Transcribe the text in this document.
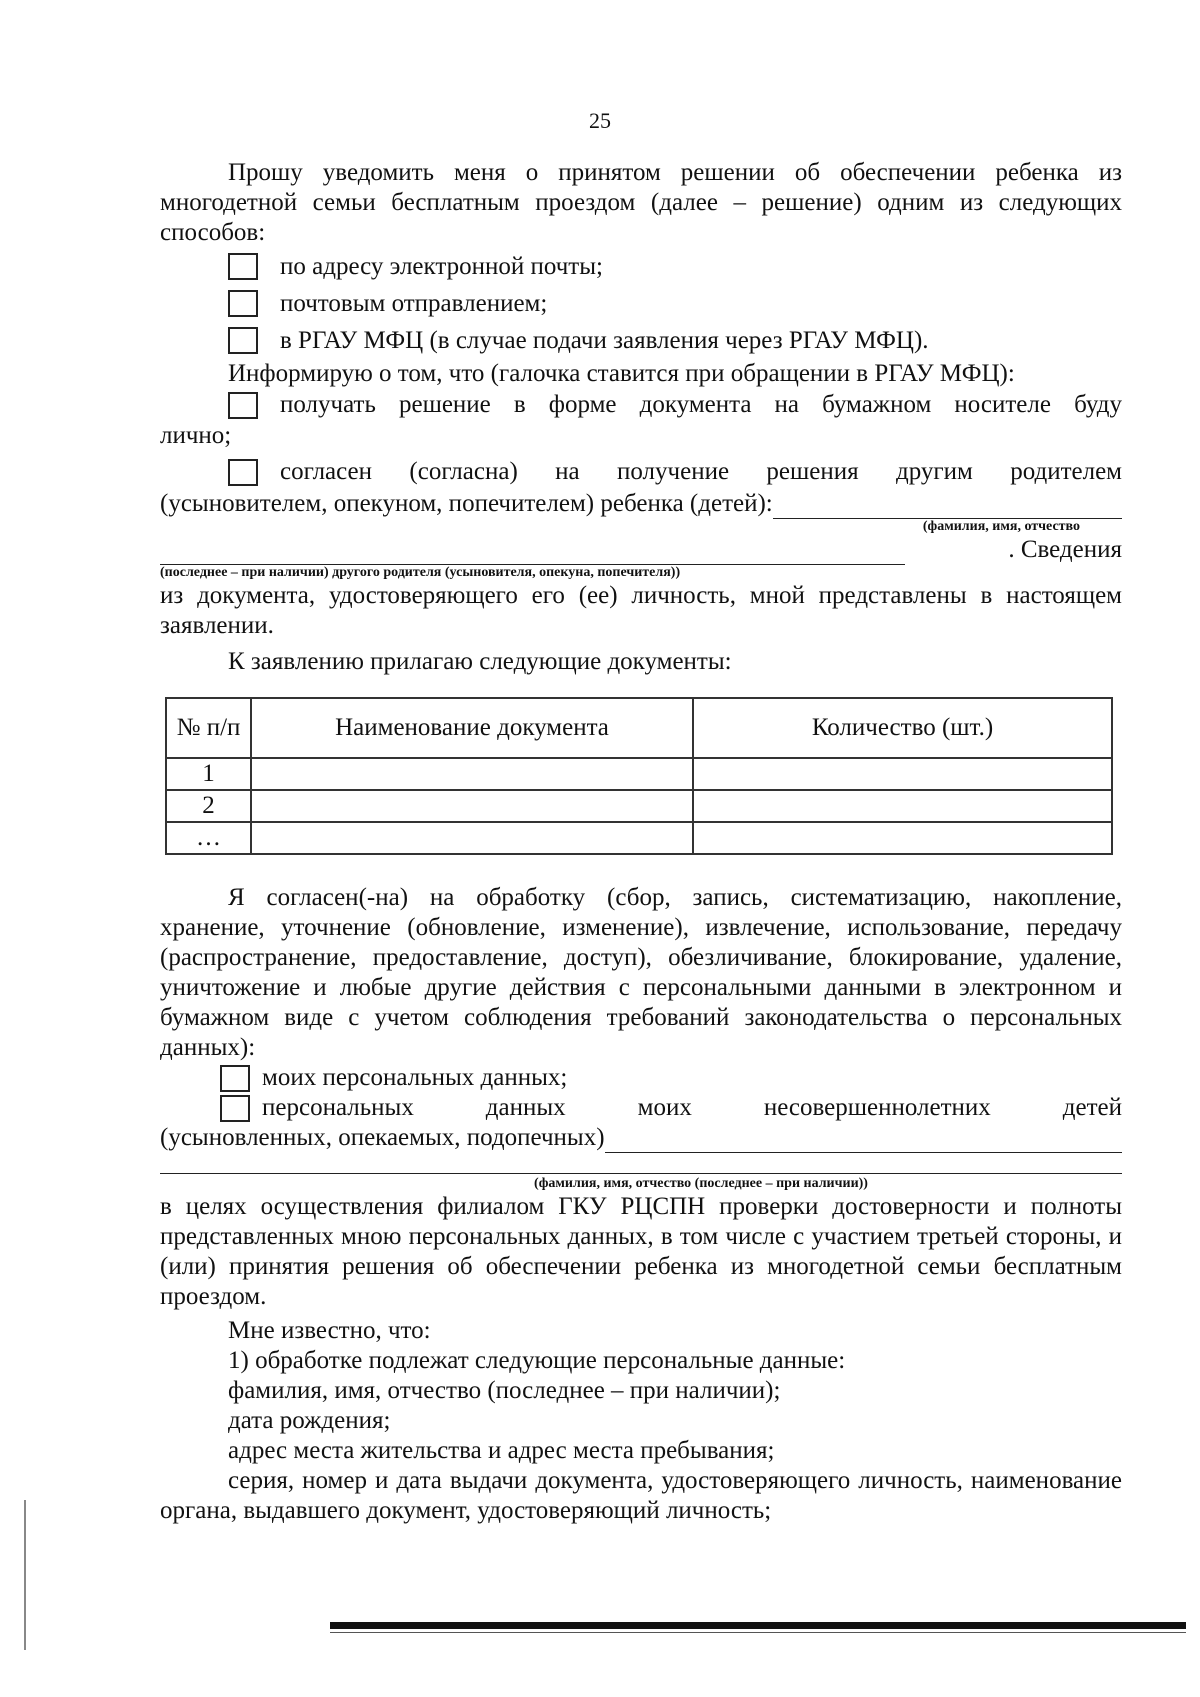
25

Прошу уведомить меня о принятом решении об обеспечении ребенка из многодетной семьи бесплатным проездом (далее – решение) одним из следующих способов:

по адресу электронной почты;
почтовым отправлением;
в РГАУ МФЦ (в случае подачи заявления через РГАУ МФЦ).

Информирую о том, что (галочка ставится при обращении в РГАУ МФЦ):

получать решение в форме документа на бумажном носителе буду

лично;

согласен (согласна) на получение решения другим родителем
(усыновителем, опекуном, попечителем) ребенка (детей):
(фамилия, имя, отчество
. Сведения
(последнее – при наличии) другого родителя (усыновителя, опекуна, попечителя))

из документа, удостоверяющего его (ее) личность, мной представлены в настоящем заявлении.

К заявлению прилагаю следующие документы:

№ п/п	Наименование документа	Количество (шт.)
1		
2		
…		

Я согласен(-на) на обработку (сбор, запись, систематизацию, накопление, хранение, уточнение (обновление, изменение), извлечение, использование, передачу (распространение, предоставление, доступ), обезличивание, блокирование, удаление, уничтожение и любые другие действия с персональными данными в электронном и бумажном виде с учетом соблюдения требований законодательства о персональных данных):

моих персональных данных;
персональных данных моих несовершеннолетних детей
(усыновленных, опекаемых, подопечных)
(фамилия, имя, отчество (последнее – при наличии))

в целях осуществления филиалом ГКУ РЦСПН проверки достоверности и полноты представленных мною персональных данных, в том числе с участием третьей стороны, и (или) принятия решения об обеспечении ребенка из многодетной семьи бесплатным проездом.

Мне известно, что:

1) обработке подлежат следующие персональные данные:

фамилия, имя, отчество (последнее – при наличии);

дата рождения;

адрес места жительства и адрес места пребывания;

серия, номер и дата выдачи документа, удостоверяющего личность, наименование органа, выдавшего документ, удостоверяющий личность;
